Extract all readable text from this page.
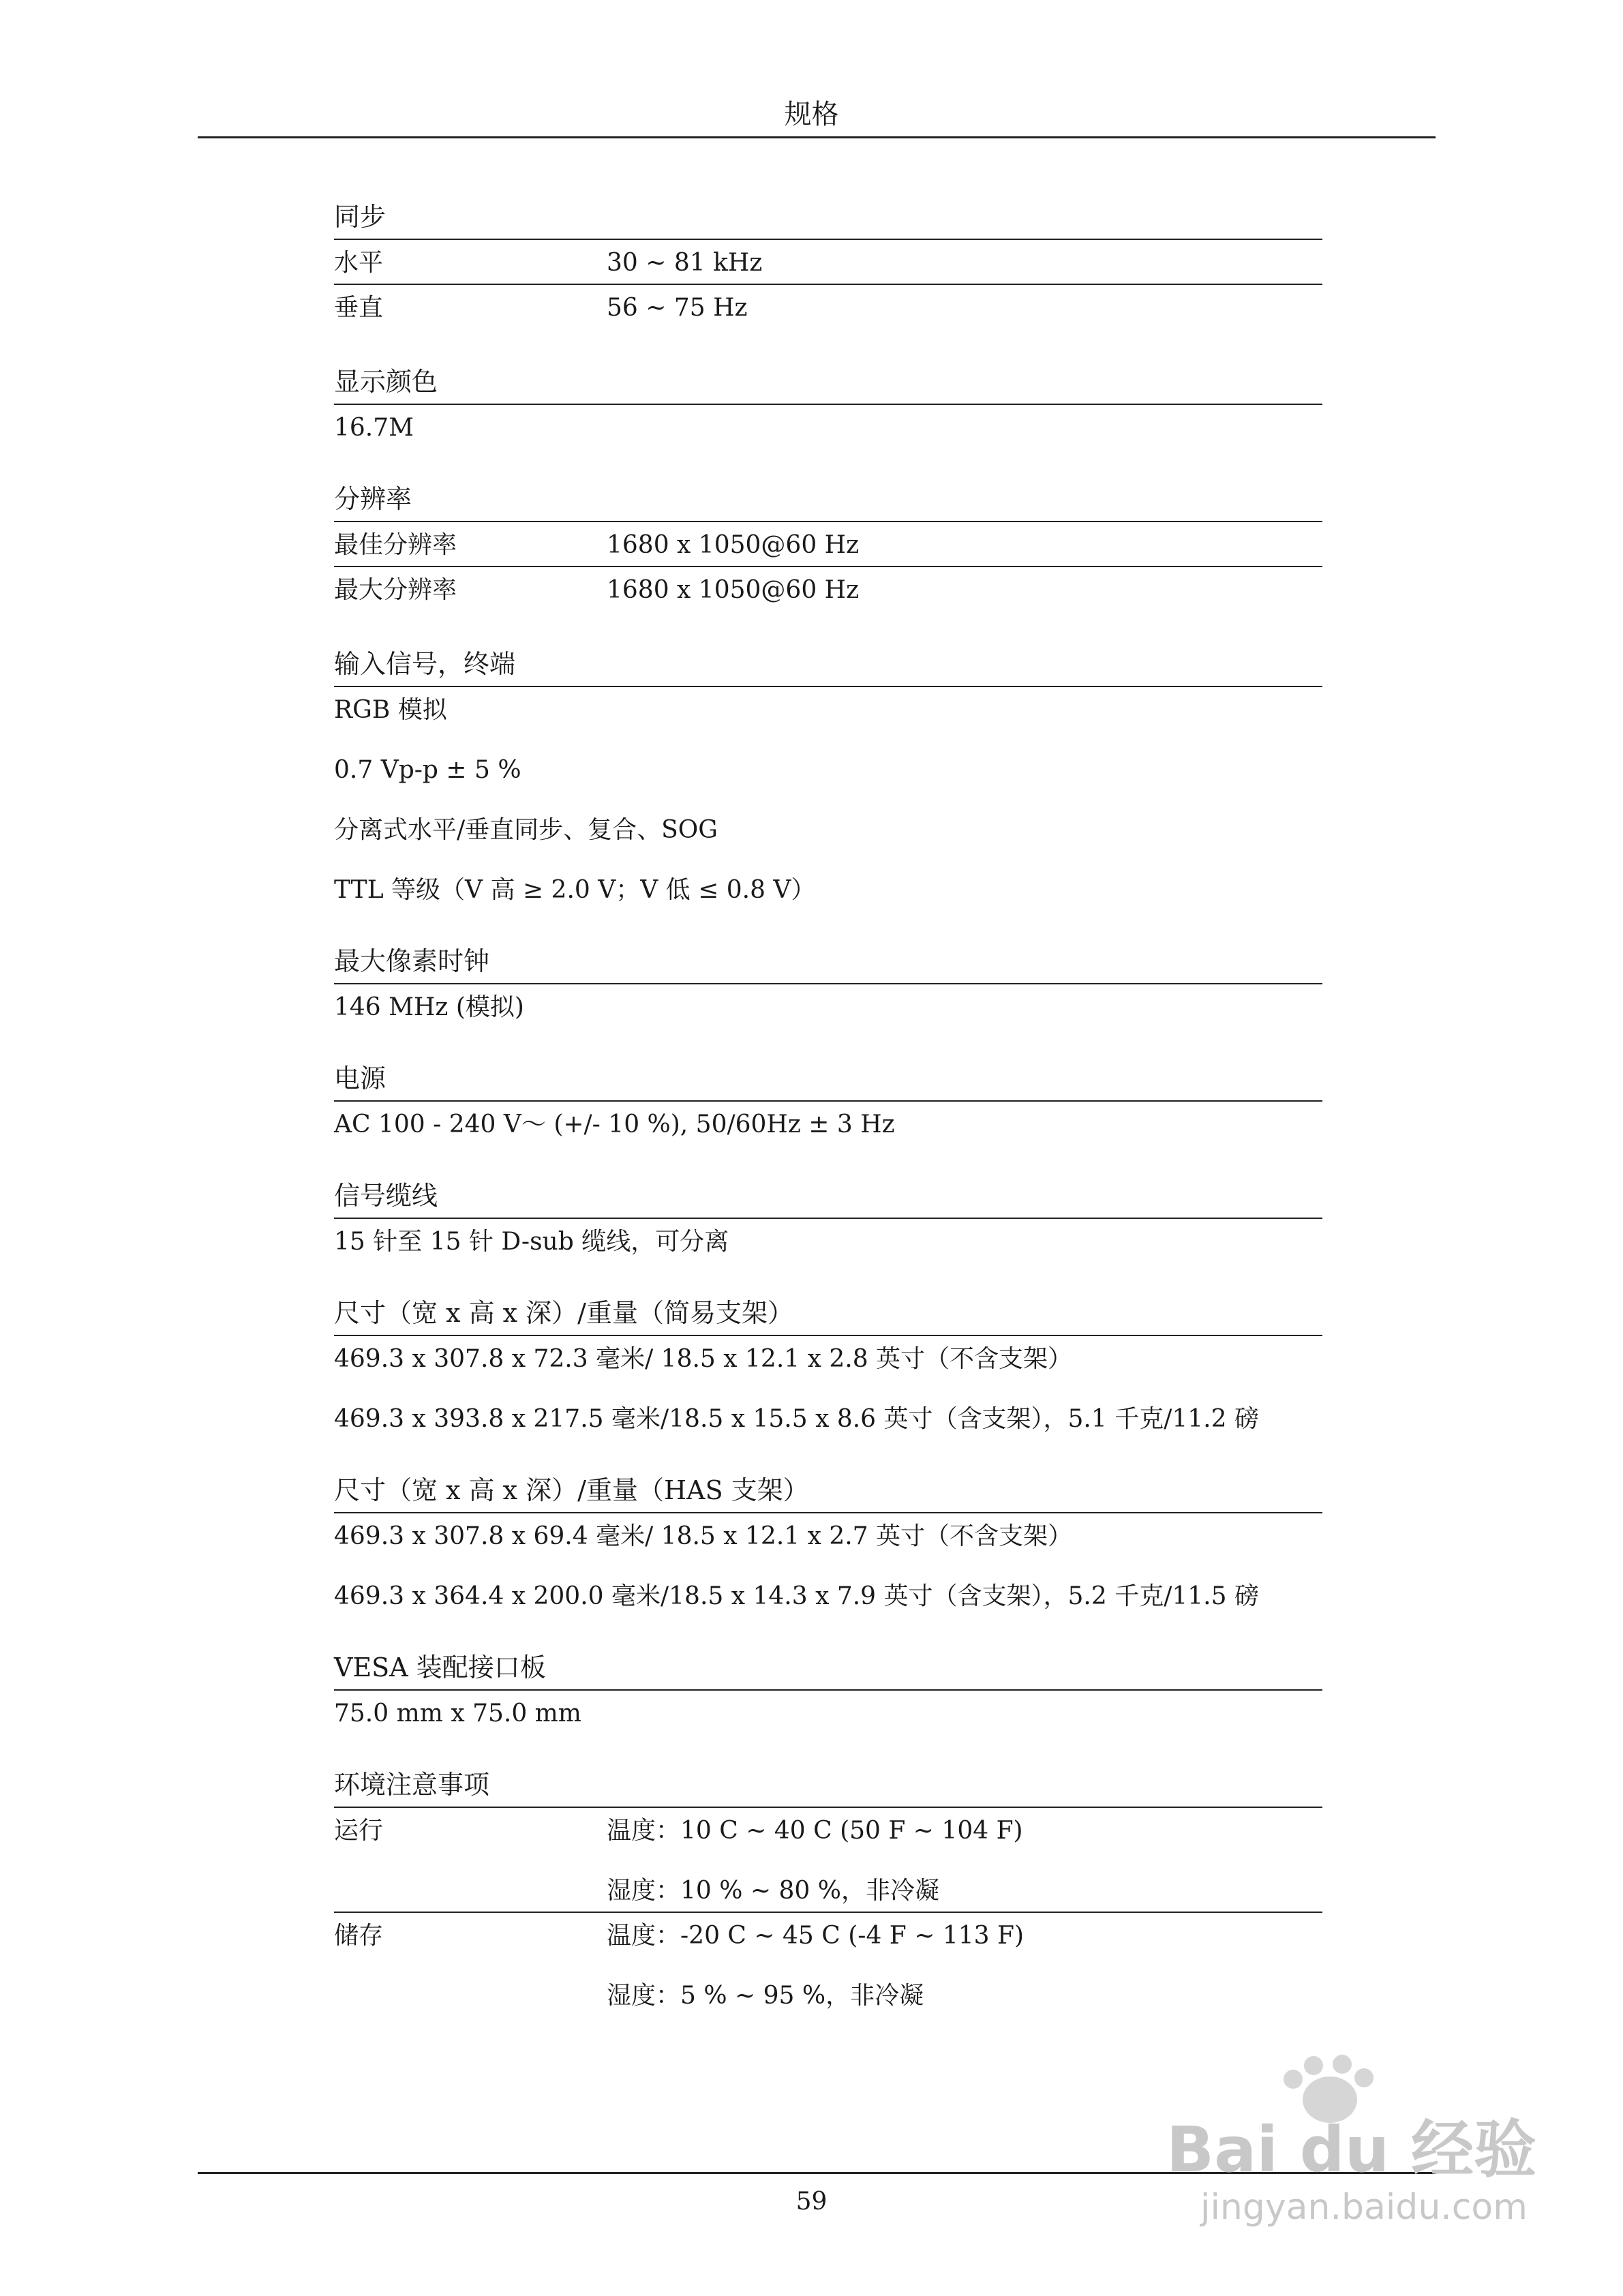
规格
同步
水平	30 ~ 81 kHz
垂直	56 ~ 75 Hz
显示颜色
16.7M
分辨率
最佳分辨率	1680 x 1050@60 Hz
最大分辨率	1680 x 1050@60 Hz
输入信号，终端
RGB 模拟
0.7 Vp-p ± 5 %
分离式水平/垂直同步、复合、SOG
TTL 等级（V 高 ≥ 2.0 V；V 低 ≤ 0.8 V）
最大像素时钟
146 MHz (模拟)
电源
AC 100 - 240 V～ (+/- 10 %), 50/60Hz ± 3 Hz
信号缆线
15 针至 15 针 D-sub 缆线，可分离
尺寸（宽 x 高 x 深）/重量（简易支架）
469.3 x 307.8 x 72.3 毫米/ 18.5 x 12.1 x 2.8 英寸（不含支架）
469.3 x 393.8 x 217.5 毫米/18.5 x 15.5 x 8.6 英寸（含支架），5.1 千克/11.2 磅
尺寸（宽 x 高 x 深）/重量（HAS 支架）
469.3 x 307.8 x 69.4 毫米/ 18.5 x 12.1 x 2.7 英寸（不含支架）
469.3 x 364.4 x 200.0 毫米/18.5 x 14.3 x 7.9 英寸（含支架），5.2 千克/11.5 磅
VESA 装配接口板
75.0 mm x 75.0 mm
环境注意事项
运行	温度：10 C ~ 40 C (50 F ~ 104 F)
湿度：10 % ~ 80 %，非冷凝
储存	温度：-20 C ~ 45 C (-4 F ~ 113 F)
湿度：5 % ~ 95 %，非冷凝
59
Bai du 经验
jingyan.baidu.com
